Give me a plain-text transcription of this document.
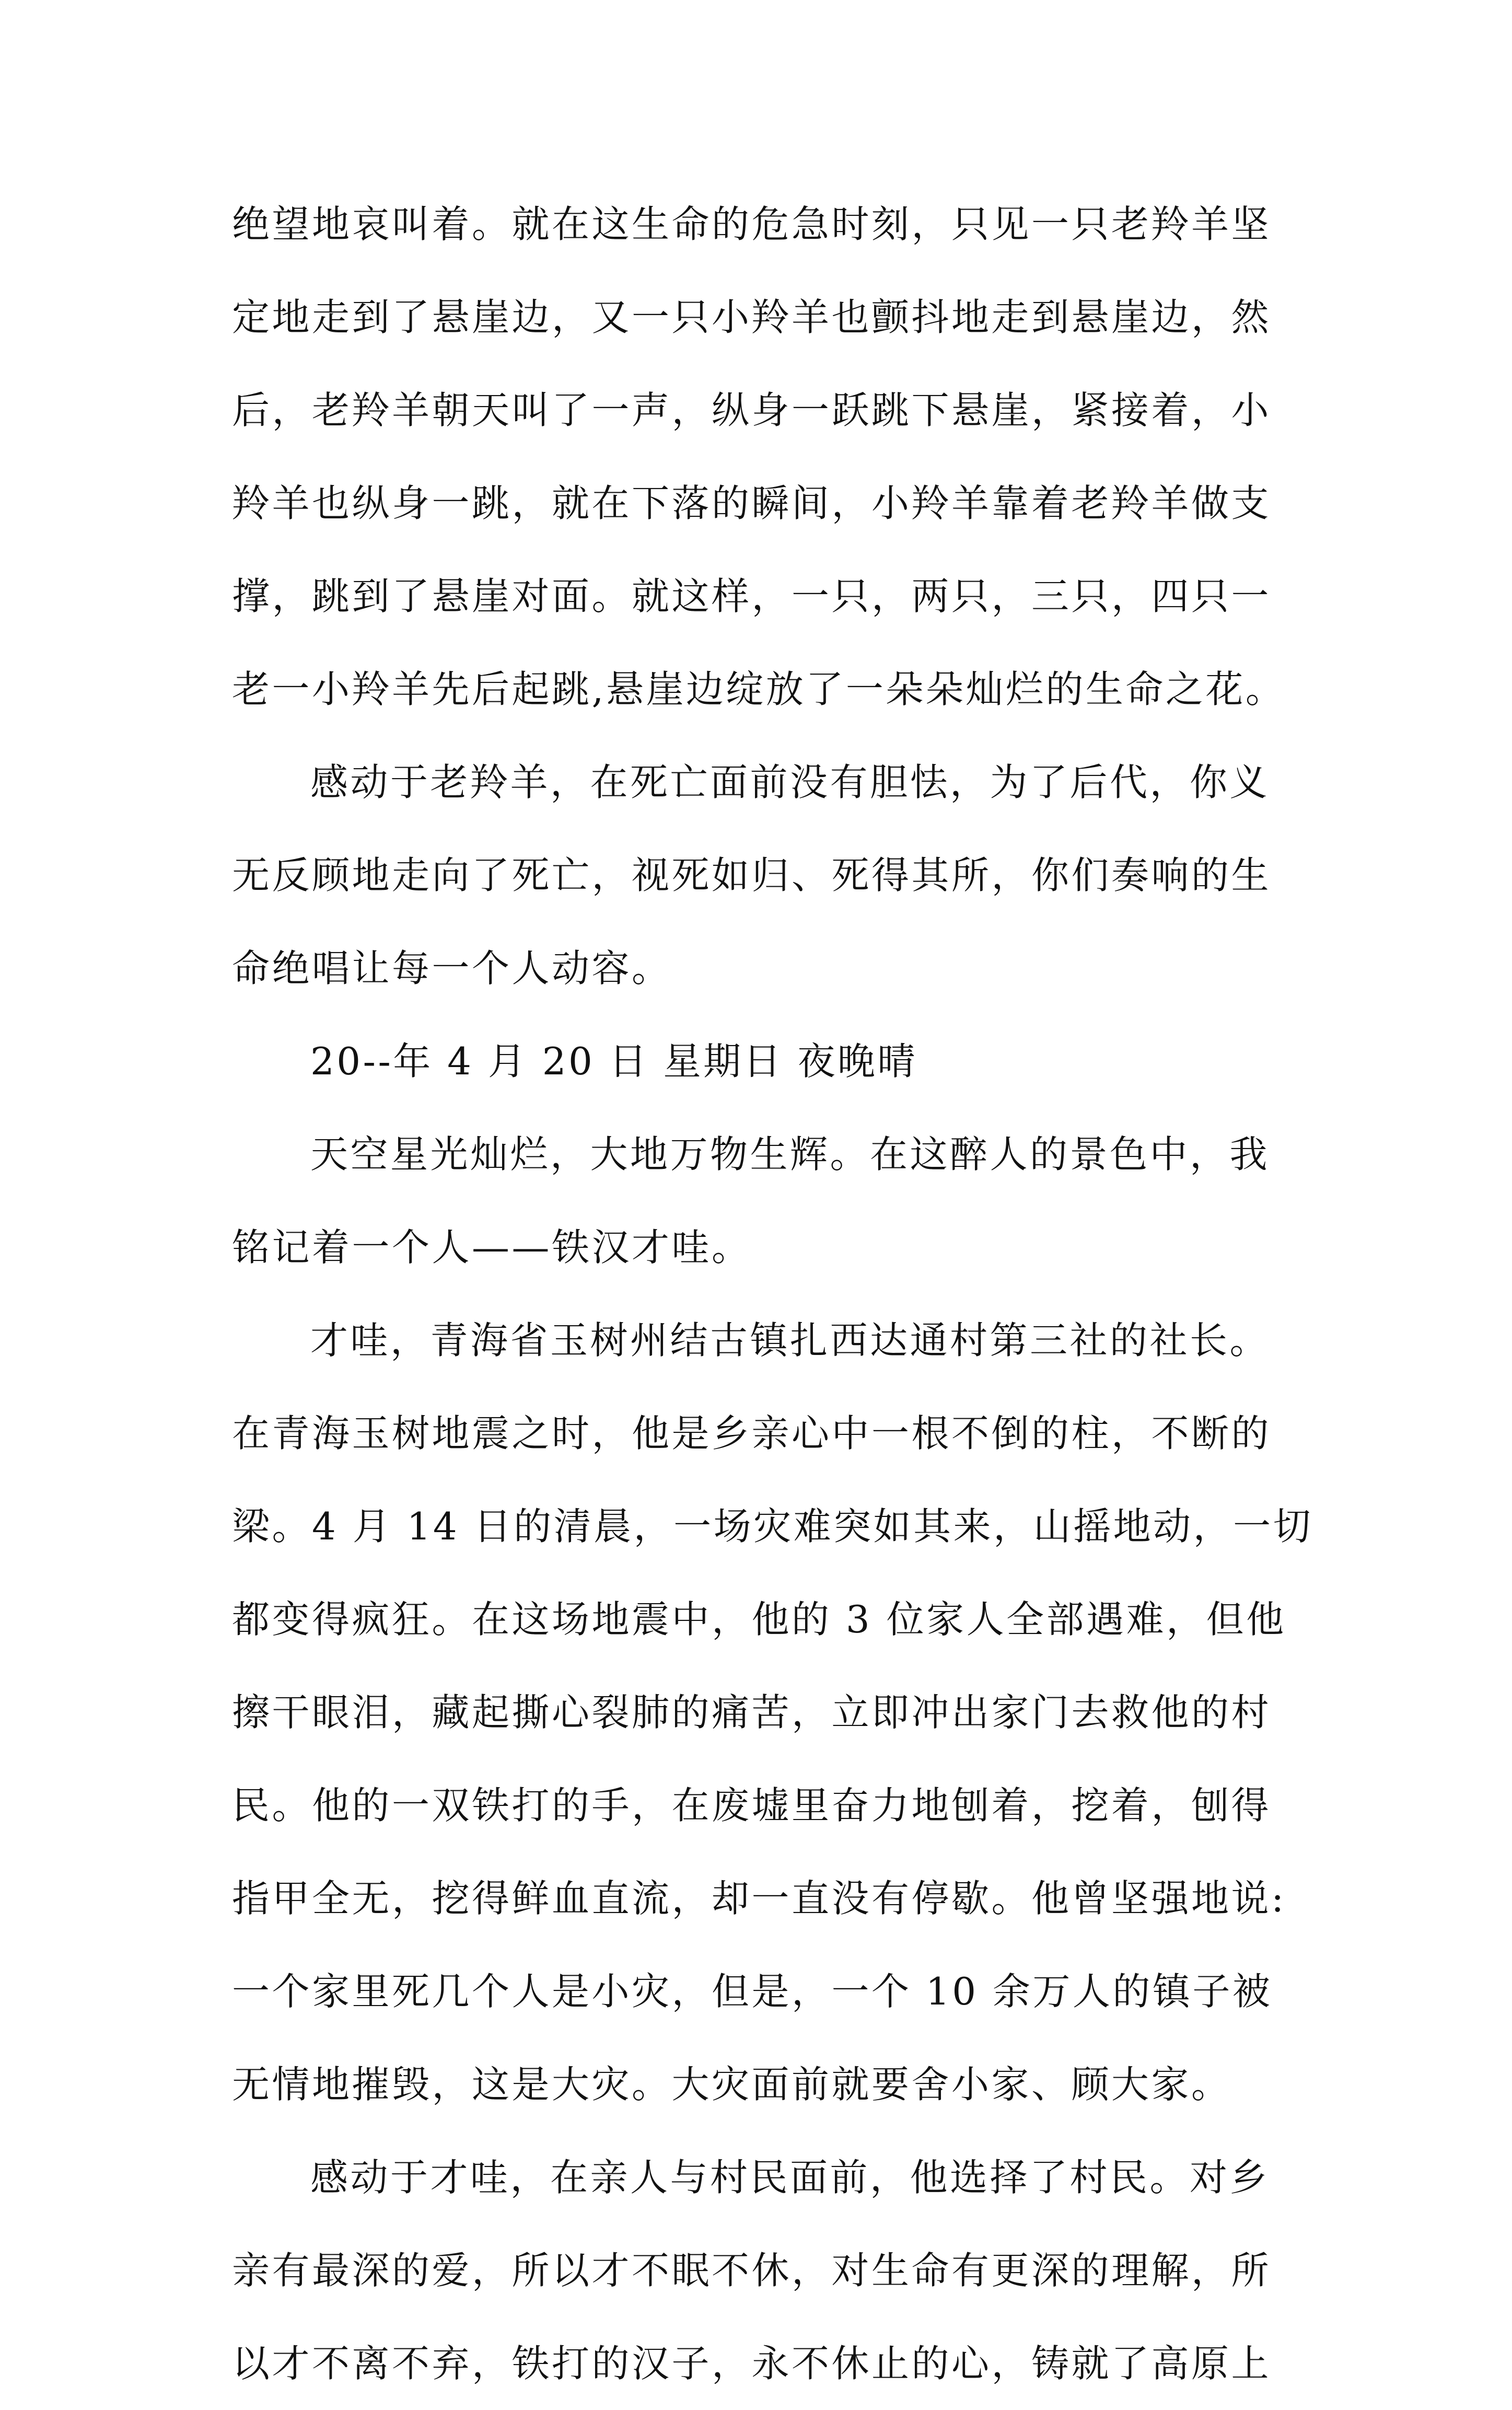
绝望地哀叫着。就在这生命的危急时刻，只见一只老羚羊坚
定地走到了悬崖边，又一只小羚羊也颤抖地走到悬崖边，然
后，老羚羊朝天叫了一声，纵身一跃跳下悬崖，紧接着，小
羚羊也纵身一跳，就在下落的瞬间，小羚羊靠着老羚羊做支
撑，跳到了悬崖对面。就这样，一只，两只，三只，四只一
老一小羚羊先后起跳,悬崖边绽放了一朵朵灿烂的生命之花。
感动于老羚羊，在死亡面前没有胆怯，为了后代，你义
无反顾地走向了死亡，视死如归、死得其所，你们奏响的生
命绝唱让每一个人动容。
20--年 4 月 20 日 星期日 夜晚晴
天空星光灿烂，大地万物生辉。在这醉人的景色中，我
铭记着一个人——铁汉才哇。
才哇，青海省玉树州结古镇扎西达通村第三社的社长。
在青海玉树地震之时，他是乡亲心中一根不倒的柱，不断的
梁。4 月 14 日的清晨，一场灾难突如其来，山摇地动，一切
都变得疯狂。在这场地震中，他的 3 位家人全部遇难，但他
擦干眼泪，藏起撕心裂肺的痛苦，立即冲出家门去救他的村
民。他的一双铁打的手，在废墟里奋力地刨着，挖着，刨得
指甲全无，挖得鲜血直流，却一直没有停歇。他曾坚强地说:
一个家里死几个人是小灾，但是，一个 10 余万人的镇子被
无情地摧毁，这是大灾。大灾面前就要舍小家、顾大家。
感动于才哇，在亲人与村民面前，他选择了村民。对乡
亲有最深的爱，所以才不眠不休，对生命有更深的理解，所
以才不离不弃，铁打的汉子，永不休止的心，铸就了高原上
